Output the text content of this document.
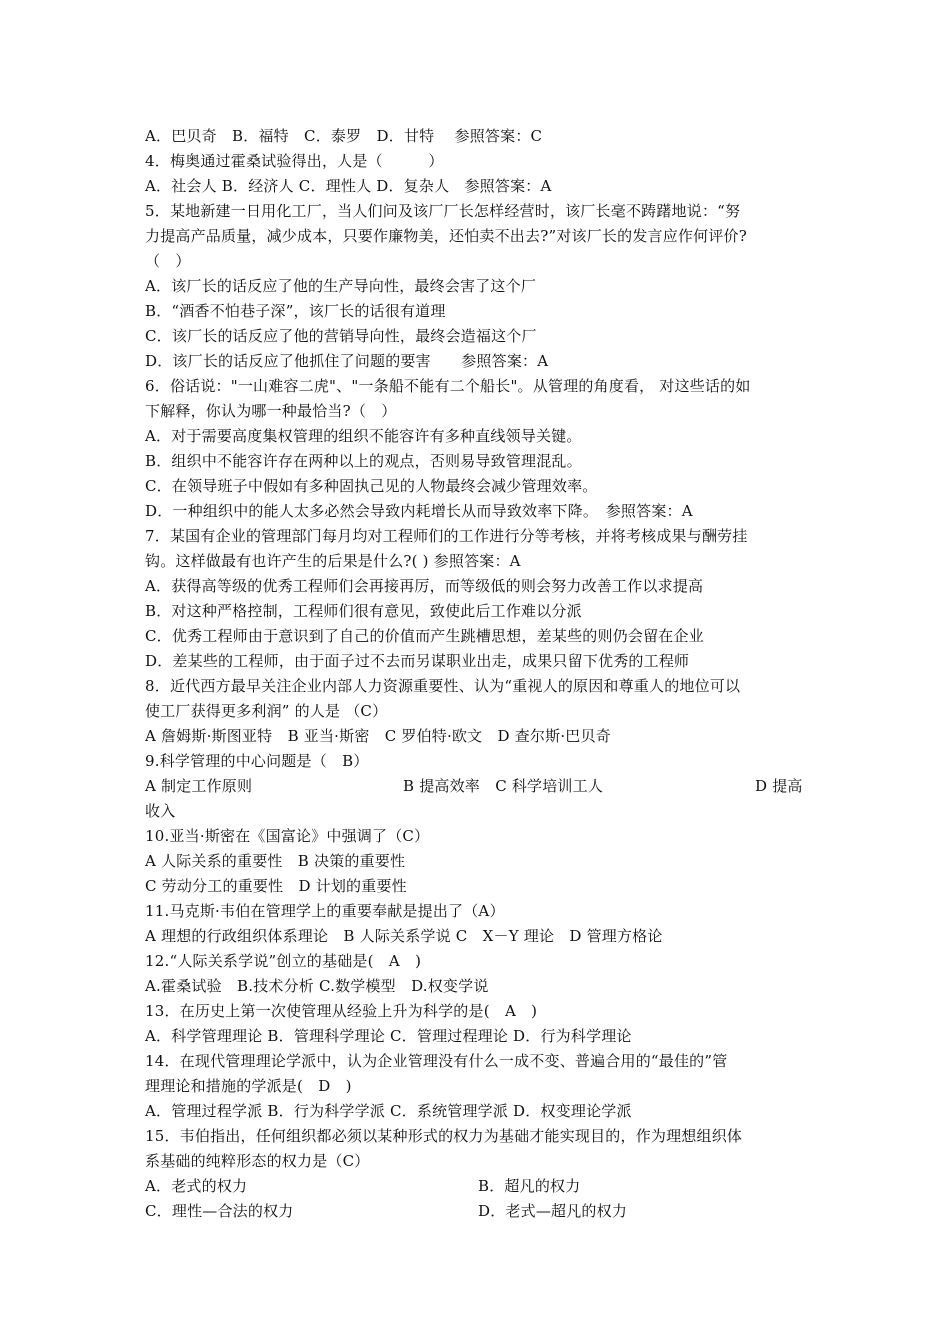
A．巴贝奇　B．福特　C．泰罗　D．甘特　 参照答案：C
4．梅奥通过霍桑试验得出，人是（　　　）
A．社会人 B．经济人 C．理性人 D．复杂人　参照答案：A
5．某地新建一日用化工厂，当人们问及该厂厂长怎样经营时，该厂长毫不踌躇地说：“努
力提高产品质量，减少成本，只要作廉物美，还怕卖不出去?”对该厂长的发言应作何评价?
（　）
A．该厂长的话反应了他的生产导向性，最终会害了这个厂
B．“酒香不怕巷子深”，该厂长的话很有道理
C．该厂长的话反应了他的营销导向性，最终会造福这个厂
D．该厂长的话反应了他抓住了问题的要害　　参照答案：A
6．俗话说："一山难容二虎"、"一条船不能有二个船长"。从管理的角度看， 对这些话的如
下解释，你认为哪一种最恰当?（　）
A．对于需要高度集权管理的组织不能容许有多种直线领导关键。
B．组织中不能容许存在两种以上的观点，否则易导致管理混乱。
C．在领导班子中假如有多种固执己见的人物最终会减少管理效率。
D．一种组织中的能人太多必然会导致内耗增长从而导致效率下降。　参照答案：A
7．某国有企业的管理部门每月均对工程师们的工作进行分等考核，并将考核成果与酬劳挂
钩。这样做最有也许产生的后果是什么?( ) 参照答案：A
A．获得高等级的优秀工程师们会再接再厉，而等级低的则会努力改善工作以求提高
B．对这种严格控制，工程师们很有意见，致使此后工作难以分派
C．优秀工程师由于意识到了自己的价值而产生跳槽思想，差某些的则仍会留在企业
D．差某些的工程师，由于面子过不去而另谋职业出走，成果只留下优秀的工程师
8．近代西方最早关注企业内部人力资源重要性、认为“重视人的原因和尊重人的地位可以
使工厂获得更多利润” 的人是 （C）
A 詹姆斯·斯图亚特　B 亚当·斯密　C 罗伯特·欧文　D 查尔斯·巴贝奇
9.科学管理的中心问题是（　B）
A 制定工作原则	B 提高效率　C 科学培训工人	D 提高
收入
10.亚当·斯密在《国富论》中强调了（C）
A 人际关系的重要性　B 决策的重要性
C 劳动分工的重要性　D 计划的重要性
11.马克斯·韦伯在管理学上的重要奉献是提出了（A）
A 理想的行政组织体系理论　B 人际关系学说 C　X－Y 理论　D 管理方格论
12.“人际关系学说”创立的基础是(　A　)
A.霍桑试验　B.技术分析 C.数学模型　D.权变学说
13．在历史上第一次使管理从经验上升为科学的是(　A　)
A．科学管理理论 B．管理科学理论 C．管理过程理论 D．行为科学理论
14．在现代管理理论学派中，认为企业管理没有什么一成不变、普遍合用的“最佳的”管
理理论和措施的学派是(　D　)
A．管理过程学派 B．行为科学学派 C．系统管理学派 D．权变理论学派
15．韦伯指出，任何组织都必须以某种形式的权力为基础才能实现目的，作为理想组织体
系基础的纯粹形态的权力是（C）
A．老式的权力	B．超凡的权力
C．理性—合法的权力	D．老式—超凡的权力
